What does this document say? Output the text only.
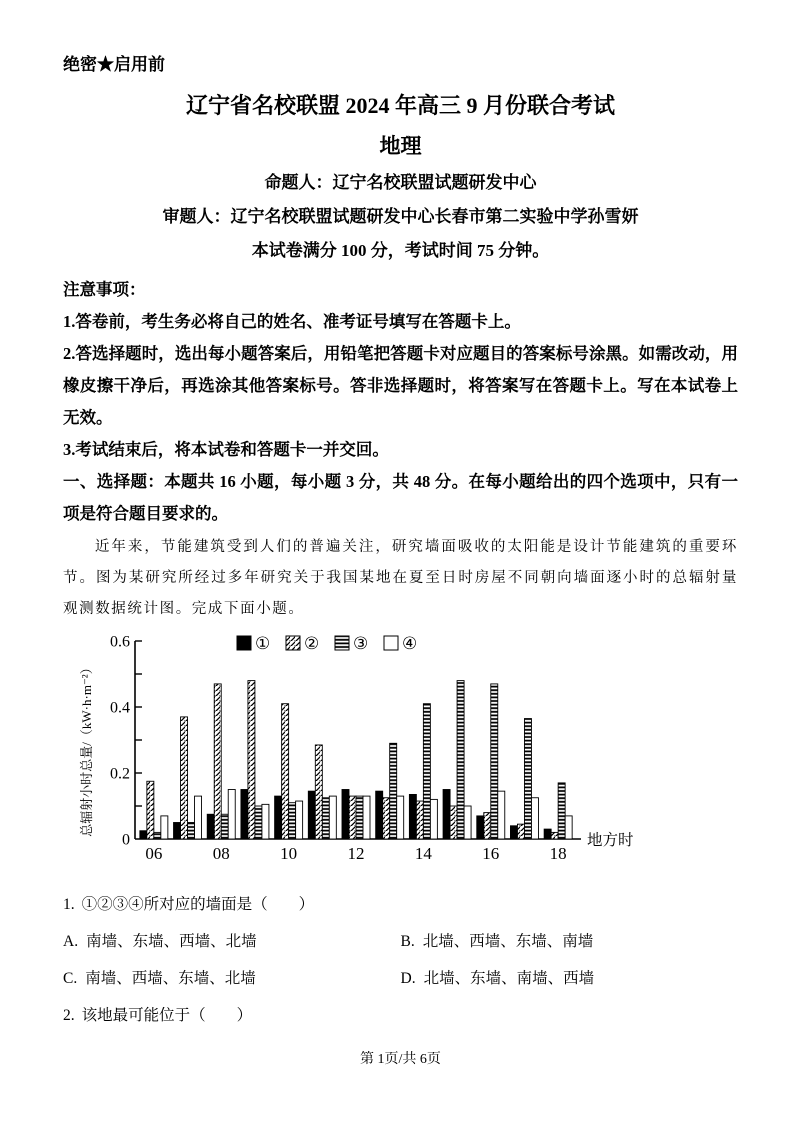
绝密★启用前

辽宁省名校联盟 2024 年高三 9 月份联合考试
地理

命题人：辽宁名校联盟试题研发中心

审题人：辽宁名校联盟试题研发中心长春市第二实验中学孙雪妍

本试卷满分 100 分，考试时间 75 分钟。

注意事项：

1.答卷前，考生务必将自己的姓名、准考证号填写在答题卡上。

2.答选择题时，选出每小题答案后，用铅笔把答题卡对应题目的答案标号涂黑。如需改动，用橡皮擦干净后，再选涂其他答案标号。答非选择题时，将答案写在答题卡上。写在本试卷上无效。

3.考试结束后，将本试卷和答题卡一并交回。

一、选择题：本题共 16 小题，每小题 3 分，共 48 分。在每小题给出的四个选项中，只有一项是符合题目要求的。

近年来，节能建筑受到人们的普遍关注，研究墙面吸收的太阳能是设计节能建筑的重要环节。图为某研究所经过多年研究关于我国某地在夏至日时房屋不同朝向墙面逐小时的总辐射量观测数据统计图。完成下面小题。

0
0.2
0.4
0.6
06	08	10	12	14	16	18
地方时
总辐射小时总量/（kW·h·m⁻²）
① ② ③ ④

1. ①②③④所对应的墙面是（　　）

A. 南墙、东墙、西墙、北墙	B. 北墙、西墙、东墙、南墙

C. 南墙、西墙、东墙、北墙	D. 北墙、东墙、南墙、西墙

2. 该地最可能位于（　　）

第 1页/共 6页
